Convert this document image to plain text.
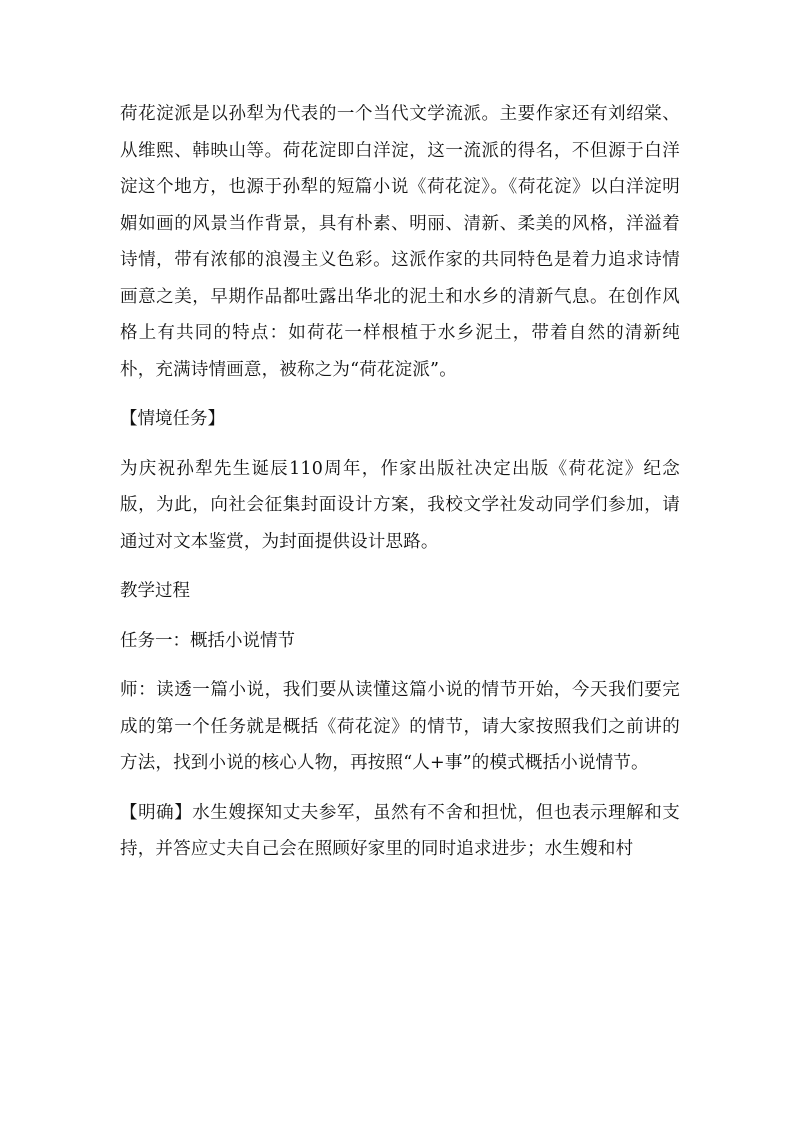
荷花淀派是以孙犁为代表的一个当代文学流派。主要作家还有刘绍棠、从维熙、韩映山等。荷花淀即白洋淀，这一流派的得名，不但源于白洋淀这个地方，也源于孙犁的短篇小说《荷花淀》。《荷花淀》以白洋淀明媚如画的风景当作背景，具有朴素、明丽、清新、柔美的风格，洋溢着诗情，带有浓郁的浪漫主义色彩。这派作家的共同特色是着力追求诗情画意之美，早期作品都吐露出华北的泥土和水乡的清新气息。在创作风格上有共同的特点：如荷花一样根植于水乡泥土，带着自然的清新纯朴，充满诗情画意，被称之为“荷花淀派”。

【情境任务】

为庆祝孙犁先生诞辰110周年，作家出版社决定出版《荷花淀》纪念版，为此，向社会征集封面设计方案，我校文学社发动同学们参加，请通过对文本鉴赏，为封面提供设计思路。

教学过程

任务一：概括小说情节

师：读透一篇小说，我们要从读懂这篇小说的情节开始，今天我们要完成的第一个任务就是概括《荷花淀》的情节，请大家按照我们之前讲的方法，找到小说的核心人物，再按照“人+事”的模式概括小说情节。

【明确】水生嫂探知丈夫参军，虽然有不舍和担忧，但也表示理解和支持，并答应丈夫自己会在照顾好家里的同时追求进步；水生嫂和村
